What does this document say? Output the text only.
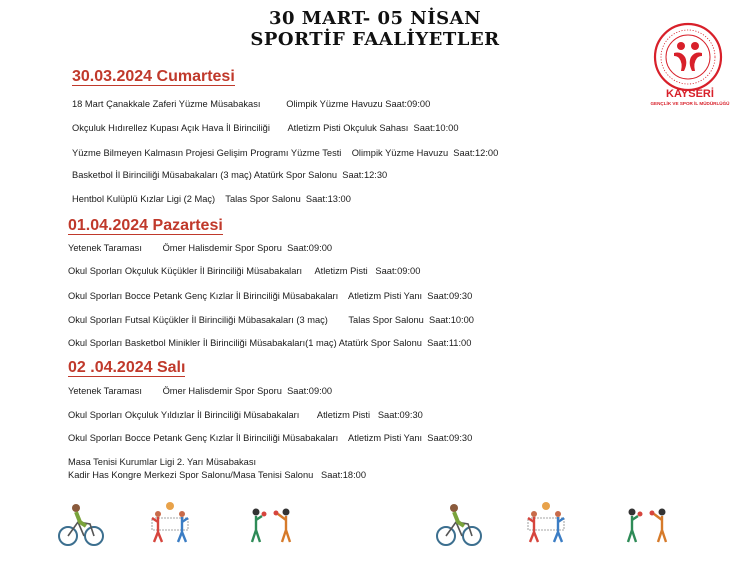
30 MART- 05 NİSAN
SPORTİF FAALİYETLER
KAYSERİ
GENÇLİK VE SPOR İL MÜDÜRLÜĞÜ
30.03.2024 Cumartesi
18 Mart Çanakkale Zaferi Yüzme Müsabakası          Olimpik Yüzme Havuzu Saat:09:00
Okçuluk Hıdırellez Kupası Açık Hava İl Birinciliği       Atletizm Pisti Okçuluk Sahası  Saat:10:00
Yüzme Bilmeyen Kalmasın Projesi Gelişim Programı Yüzme Testi    Olimpik Yüzme Havuzu  Saat:12:00
Basketbol İl Birinciliği Müsabakaları (3 maç) Atatürk Spor Salonu  Saat:12:30
Hentbol Kulüplü Kızlar Ligi (2 Maç)    Talas Spor Salonu  Saat:13:00
01.04.2024 Pazartesi
Yetenek Taraması        Ömer Halisdemir Spor Sporu  Saat:09:00
Okul Sporları Okçuluk Küçükler İl Birinciliği Müsabakaları     Atletizm Pisti   Saat:09:00
Okul Sporları Bocce Petank Genç Kızlar İl Birinciliği Müsabakaları    Atletizm Pisti Yanı  Saat:09:30
Okul Sporları Futsal Küçükler İl Birinciliği Mübasakaları (3 maç)        Talas Spor Salonu  Saat:10:00
Okul Sporları Basketbol Minikler İl Birinciliği Müsabakaları(1 maç) Atatürk Spor Salonu  Saat:11:00
02 .04.2024 Salı
Yetenek Taraması        Ömer Halisdemir Spor Sporu  Saat:09:00
Okul Sporları Okçuluk Yıldızlar İl Birinciliği Müsabakaları       Atletizm Pisti   Saat:09:30
Okul Sporları Bocce Petank Genç Kızlar İl Birinciliği Müsabakaları    Atletizm Pisti Yanı  Saat:09:30
Masa Tenisi Kurumlar Ligi 2. Yarı Müsabakası
Kadir Has Kongre Merkezi Spor Salonu/Masa Tenisi Salonu   Saat:18:00
